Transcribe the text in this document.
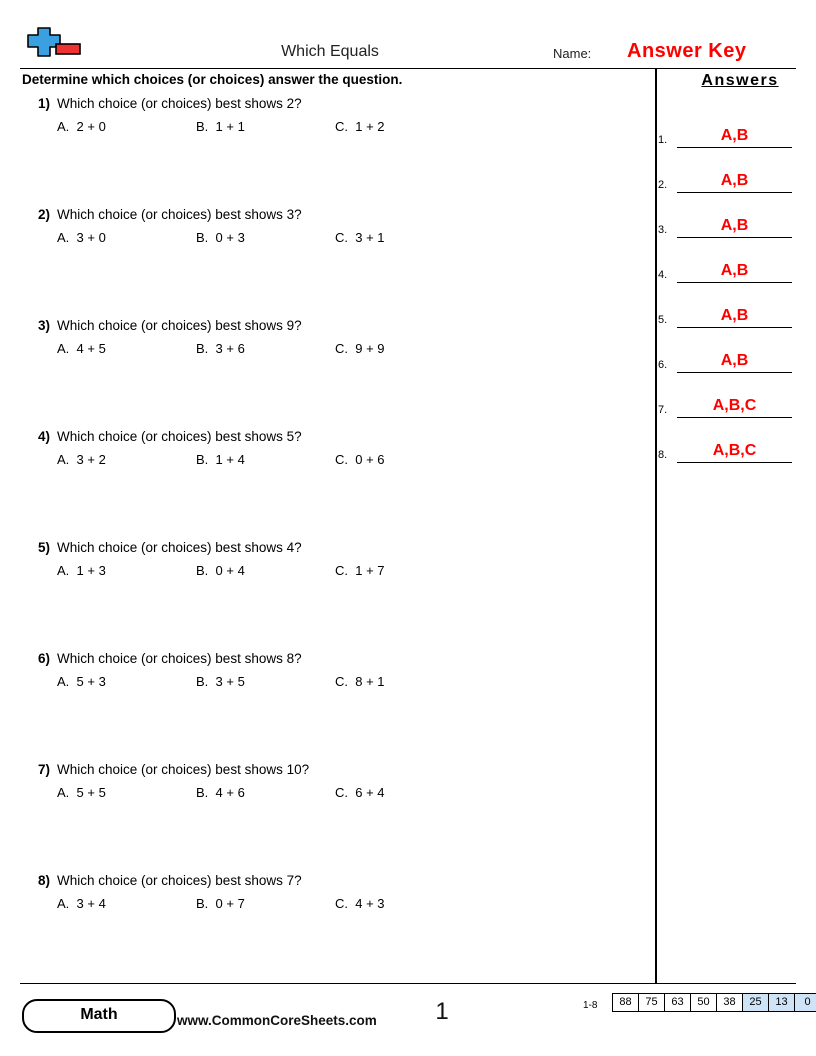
Which Equals	Name: Answer Key
Determine which choices (or choices) answer the question.
1) Which choice (or choices) best shows 2?
A. 2 + 0	B. 1 + 1	C. 1 + 2
2) Which choice (or choices) best shows 3?
A. 3 + 0	B. 0 + 3	C. 3 + 1
3) Which choice (or choices) best shows 9?
A. 4 + 5	B. 3 + 6	C. 9 + 9
4) Which choice (or choices) best shows 5?
A. 3 + 2	B. 1 + 4	C. 0 + 6
5) Which choice (or choices) best shows 4?
A. 1 + 3	B. 0 + 4	C. 1 + 7
6) Which choice (or choices) best shows 8?
A. 5 + 3	B. 3 + 5	C. 8 + 1
7) Which choice (or choices) best shows 10?
A. 5 + 5	B. 4 + 6	C. 6 + 4
8) Which choice (or choices) best shows 7?
A. 3 + 4	B. 0 + 7	C. 4 + 3
Answers
1.	A,B
2.	A,B
3.	A,B
4.	A,B
5.	A,B
6.	A,B
7.	A,B,C
8.	A,B,C
Math	www.CommonCoreSheets.com	1	1-8	88	75	63	50	38	25	13	0
